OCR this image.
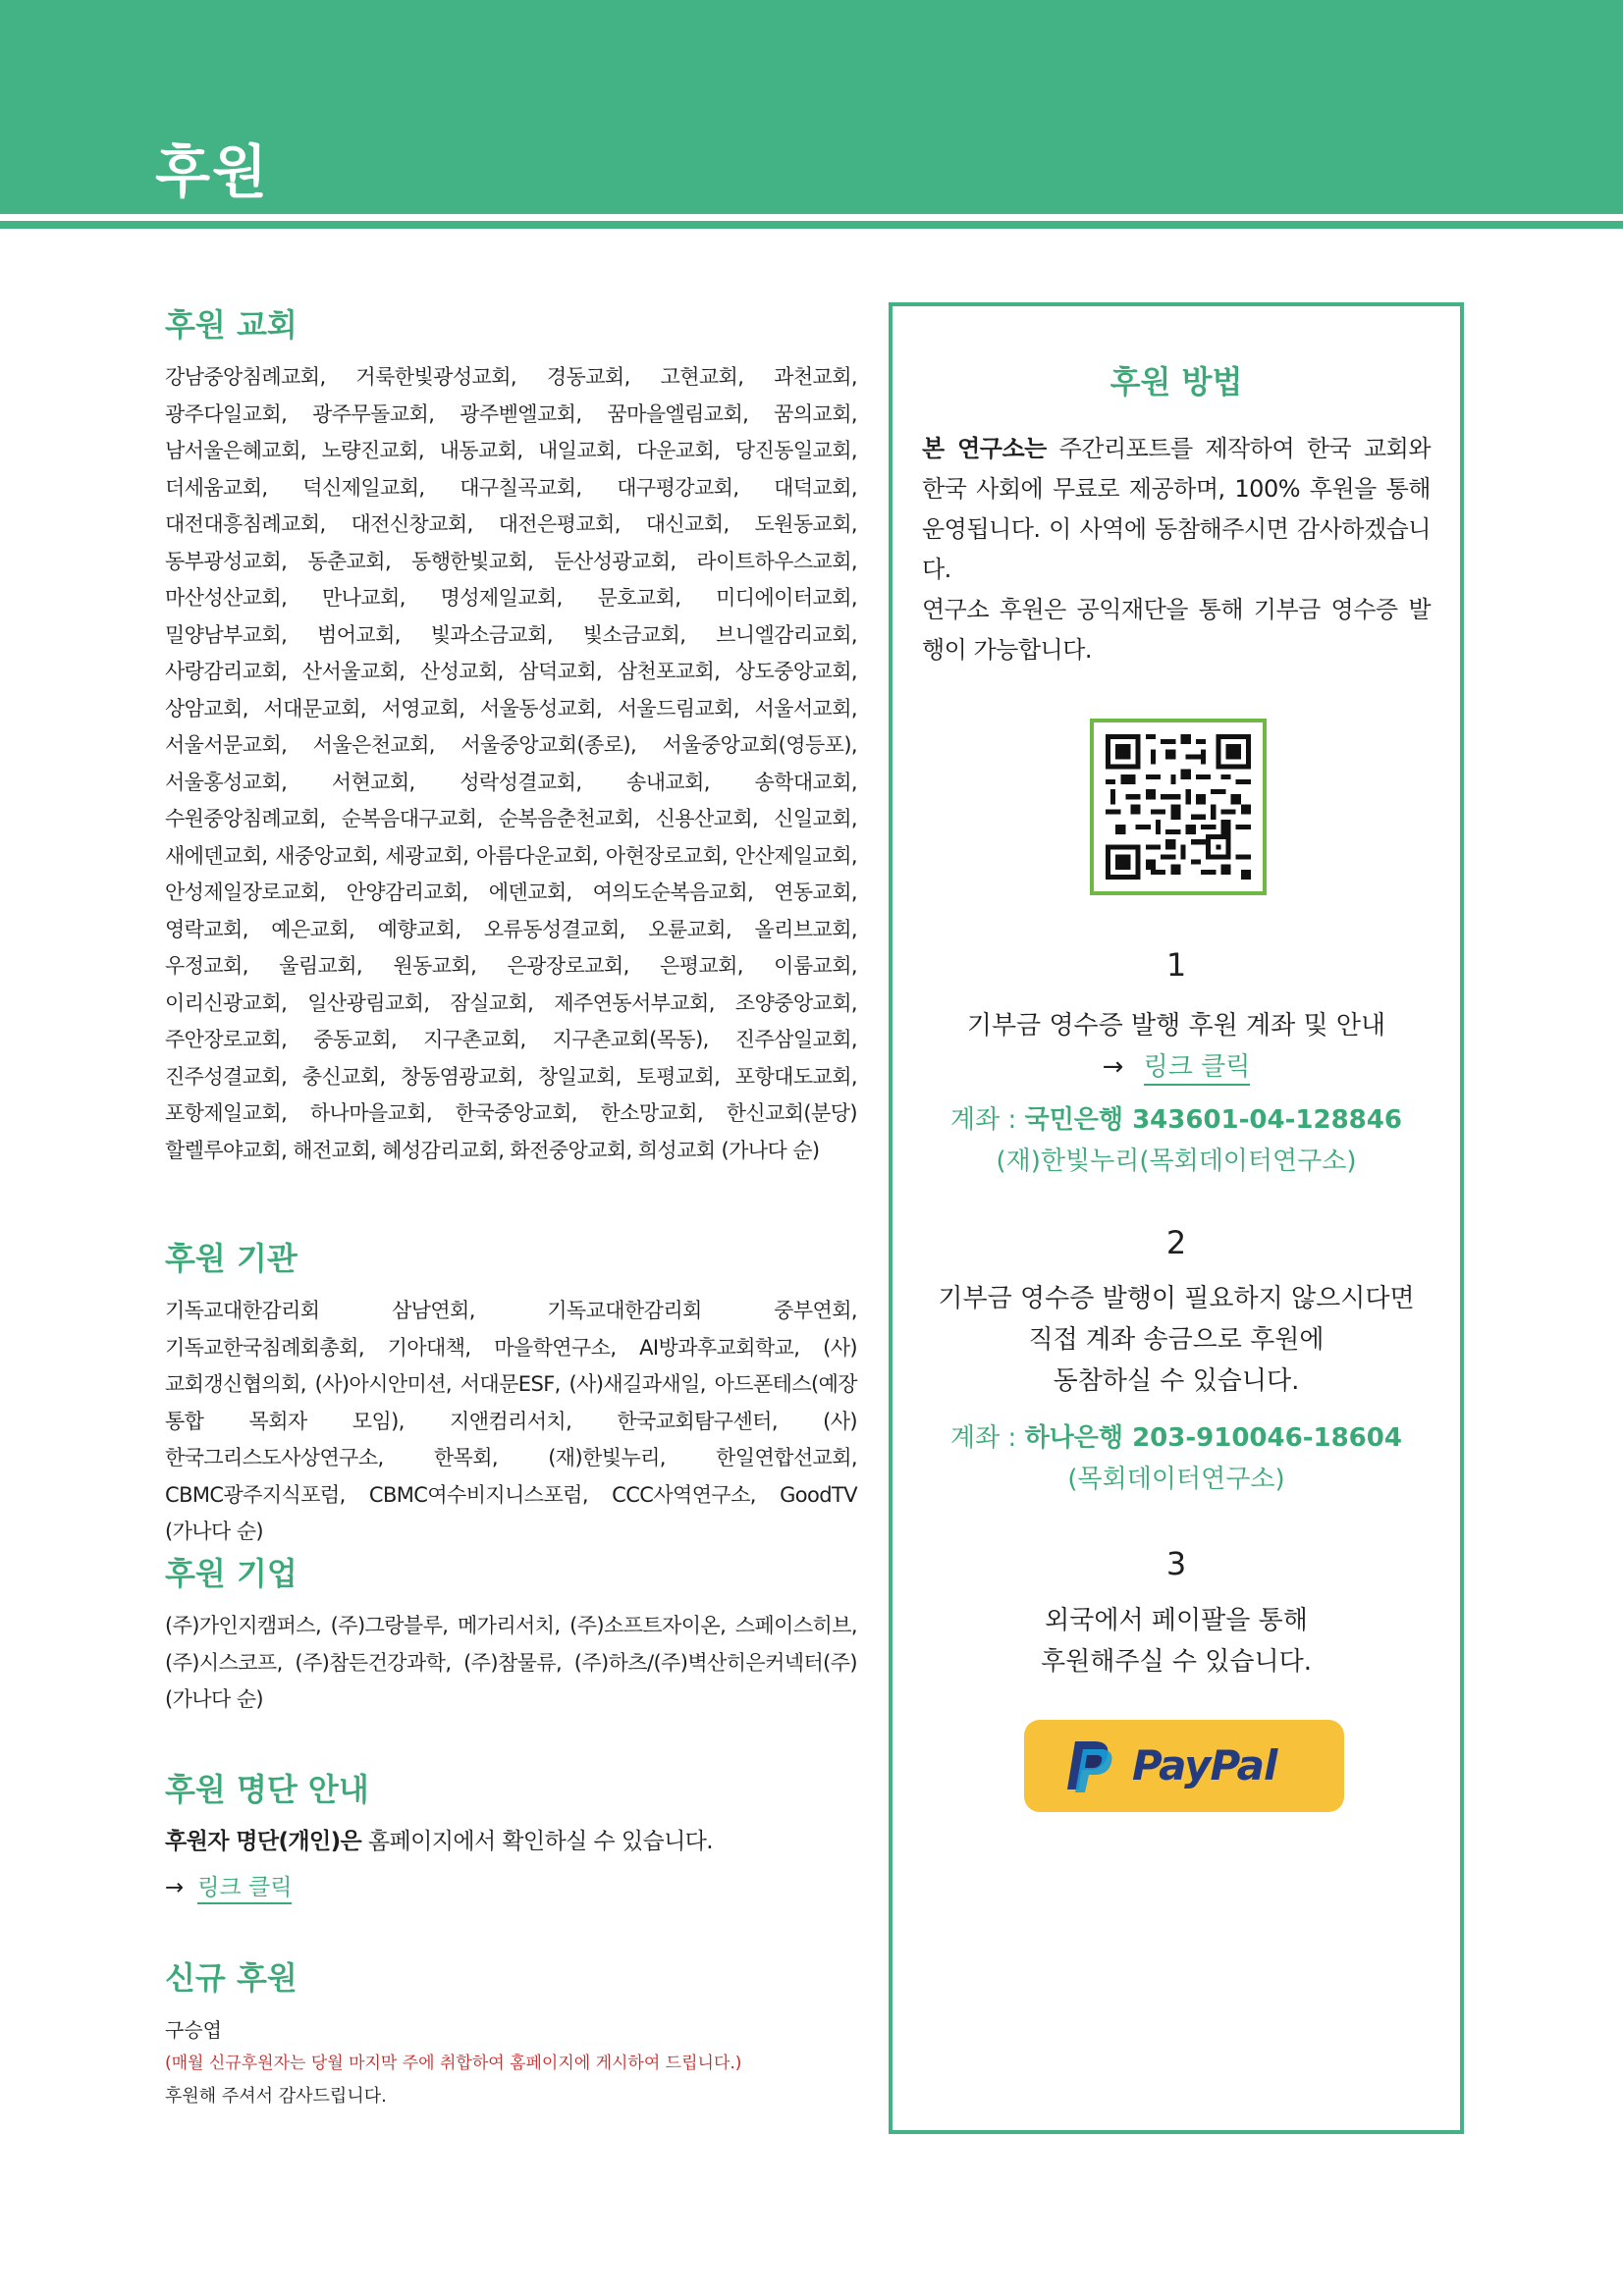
후원
후원 교회
강남중앙침례교회, 거룩한빛광성교회, 경동교회, 고현교회, 과천교회, 광주다일교회, 광주무돌교회, 광주벧엘교회, 꿈마을엘림교회, 꿈의교회, 남서울은혜교회, 노량진교회, 내동교회, 내일교회, 다운교회, 당진동일교회, 더세움교회, 덕신제일교회, 대구칠곡교회, 대구평강교회, 대덕교회, 대전대흥침례교회, 대전신창교회, 대전은평교회, 대신교회, 도원동교회, 동부광성교회, 동춘교회, 동행한빛교회, 둔산성광교회, 라이트하우스교회, 마산성산교회, 만나교회, 명성제일교회, 문호교회, 미디에이터교회, 밀양남부교회, 범어교회, 빛과소금교회, 빛소금교회, 브니엘감리교회, 사랑감리교회, 산서울교회, 산성교회, 삼덕교회, 삼천포교회, 상도중앙교회, 상암교회, 서대문교회, 서영교회, 서울동성교회, 서울드림교회, 서울서교회, 서울서문교회, 서울은천교회, 서울중앙교회(종로), 서울중앙교회(영등포), 서울홍성교회, 서현교회, 성락성결교회, 송내교회, 송학대교회, 수원중앙침례교회, 순복음대구교회, 순복음춘천교회, 신용산교회, 신일교회, 새에덴교회, 새중앙교회, 세광교회, 아름다운교회, 아현장로교회, 안산제일교회, 안성제일장로교회, 안양감리교회, 에덴교회, 여의도순복음교회, 연동교회, 영락교회, 예은교회, 예향교회, 오류동성결교회, 오륜교회, 올리브교회, 우정교회, 울림교회, 원동교회, 은광장로교회, 은평교회, 이룸교회, 이리신광교회, 일산광림교회, 잠실교회, 제주연동서부교회, 조양중앙교회, 주안장로교회, 중동교회, 지구촌교회, 지구촌교회(목동), 진주삼일교회, 진주성결교회, 충신교회, 창동염광교회, 창일교회, 토평교회, 포항대도교회, 포항제일교회, 하나마을교회, 한국중앙교회, 한소망교회, 한신교회(분당) 할렐루야교회, 해전교회, 혜성감리교회, 화전중앙교회, 희성교회 (가나다 순)
후원 기관
기독교대한감리회 삼남연회, 기독교대한감리회 중부연회, 기독교한국침례회총회, 기아대책, 마을학연구소, AI방과후교회학교, (사)교회갱신협의회, (사)아시안미션, 서대문ESF, (사)새길과새일, 아드폰테스(예장 통합 목회자 모임), 지앤컴리서치, 한국교회탐구센터, (사)한국그리스도사상연구소, 한목회, (재)한빛누리, 한일연합선교회, CBMC광주지식포럼, CBMC여수비지니스포럼, CCC사역연구소, GoodTV (가나다 순)
후원 기업
(주)가인지캠퍼스, (주)그랑블루, 메가리서치, (주)소프트자이온, 스페이스히브, (주)시스코프, (주)참든건강과학, (주)참물류, (주)하츠/(주)벽산히은커넥터(주) (가나다 순)
후원 명단 안내
후원자 명단(개인)은 홈페이지에서 확인하실 수 있습니다.
→ 링크 클릭
신규 후원
구승엽
(매월 신규후원자는 당월 마지막 주에 취합하여 홈페이지에 게시하여 드립니다.)
후원해 주셔서 감사드립니다.
후원 방법
본 연구소는 주간리포트를 제작하여 한국 교회와 한국 사회에 무료로 제공하며, 100% 후원을 통해 운영됩니다. 이 사역에 동참해주시면 감사하겠습니다.
연구소 후원은 공익재단을 통해 기부금 영수증 발행이 가능합니다.
1
기부금 영수증 발행 후원 계좌 및 안내
→ 링크 클릭
계좌 : 국민은행 343601-04-128846
(재)한빛누리(목회데이터연구소)
2
기부금 영수증 발행이 필요하지 않으시다면
직접 계좌 송금으로 후원에
동참하실 수 있습니다.
계좌 : 하나은행 203-910046-18604
(목회데이터연구소)
3
외국에서 페이팔을 통해
후원해주실 수 있습니다.
PayPal
